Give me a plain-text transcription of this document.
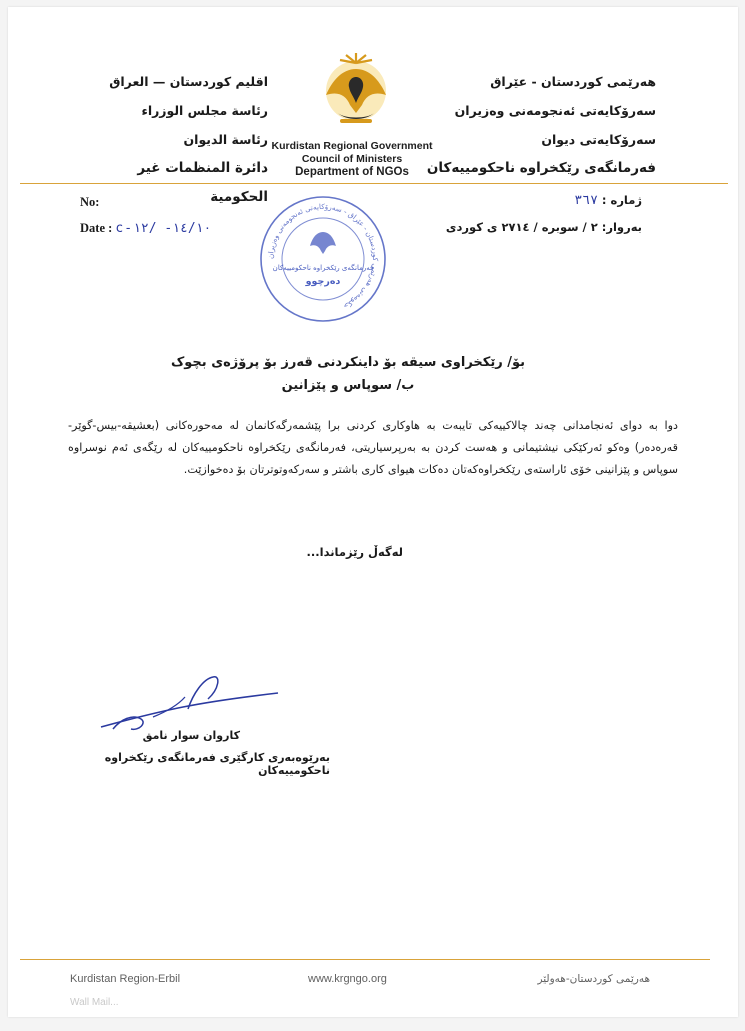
هەرێمی کوردستان - عێراق
سەرۆکایەتی ئەنجومەنی وەزیران
سەرۆکایەتی دیوان
فەرمانگەی رێکخراوە ناحکومییەکان
اقليم كوردستان — العراق
رئاسة مجلس الوزراء
رئاسة الديوان
دائرة المنظمات غير الحكومية
Kurdistan Regional Government
Council of Ministers
Department of NGOs
No:
Date : c-١٤/١٠- /١٢
ژمارە : ٣٦٧
بەروار: ٢ / سوبره / ٢٧١٤ ی کوردی
حكومەتی هەرێمی کوردستان - عێراق - سەرۆکایەتی ئەنجومەنی وەزیران
فەرمانگەی رێکخراوە ناحکومییەکان
دەرچوو
بۆ/ رێکخراوی سیقە بۆ داینکردنی قەرز بۆ پرۆژەی بچوک
ب/ سوپاس و پێزانین
دوا بە دوای ئەنجامدانی چەند چالاکییەکی تایبەت بە هاوکاری کردنی برا پێشمەرگەکانمان لە مەحورەکانی (بعشیقە-بیس-گوێر-قەرەدەر) وەکو ئەرکێکی نیشتیمانی و هەست کردن بە بەرپرسیاریتی، فەرمانگەی رێکخراوە ناحکومییەکان لە رێگەی ئەم نوسراوە سوپاس و پێزانینی خۆی ئاراستەی رێکخراوەکەتان دەکات هیوای کاری باشتر و سەرکەوتوترتان بۆ دەخوازێت.
لەگەڵ رێزماندا...
کاروان سوار نامق
بەرێوەبەری کارگێری فەرمانگەی رێکخراوە ناحکومییەکان
Kurdistan Region-Erbil	www.krgngo.org	هەرێمی کوردستان-هەولێر
Wall Mail...
